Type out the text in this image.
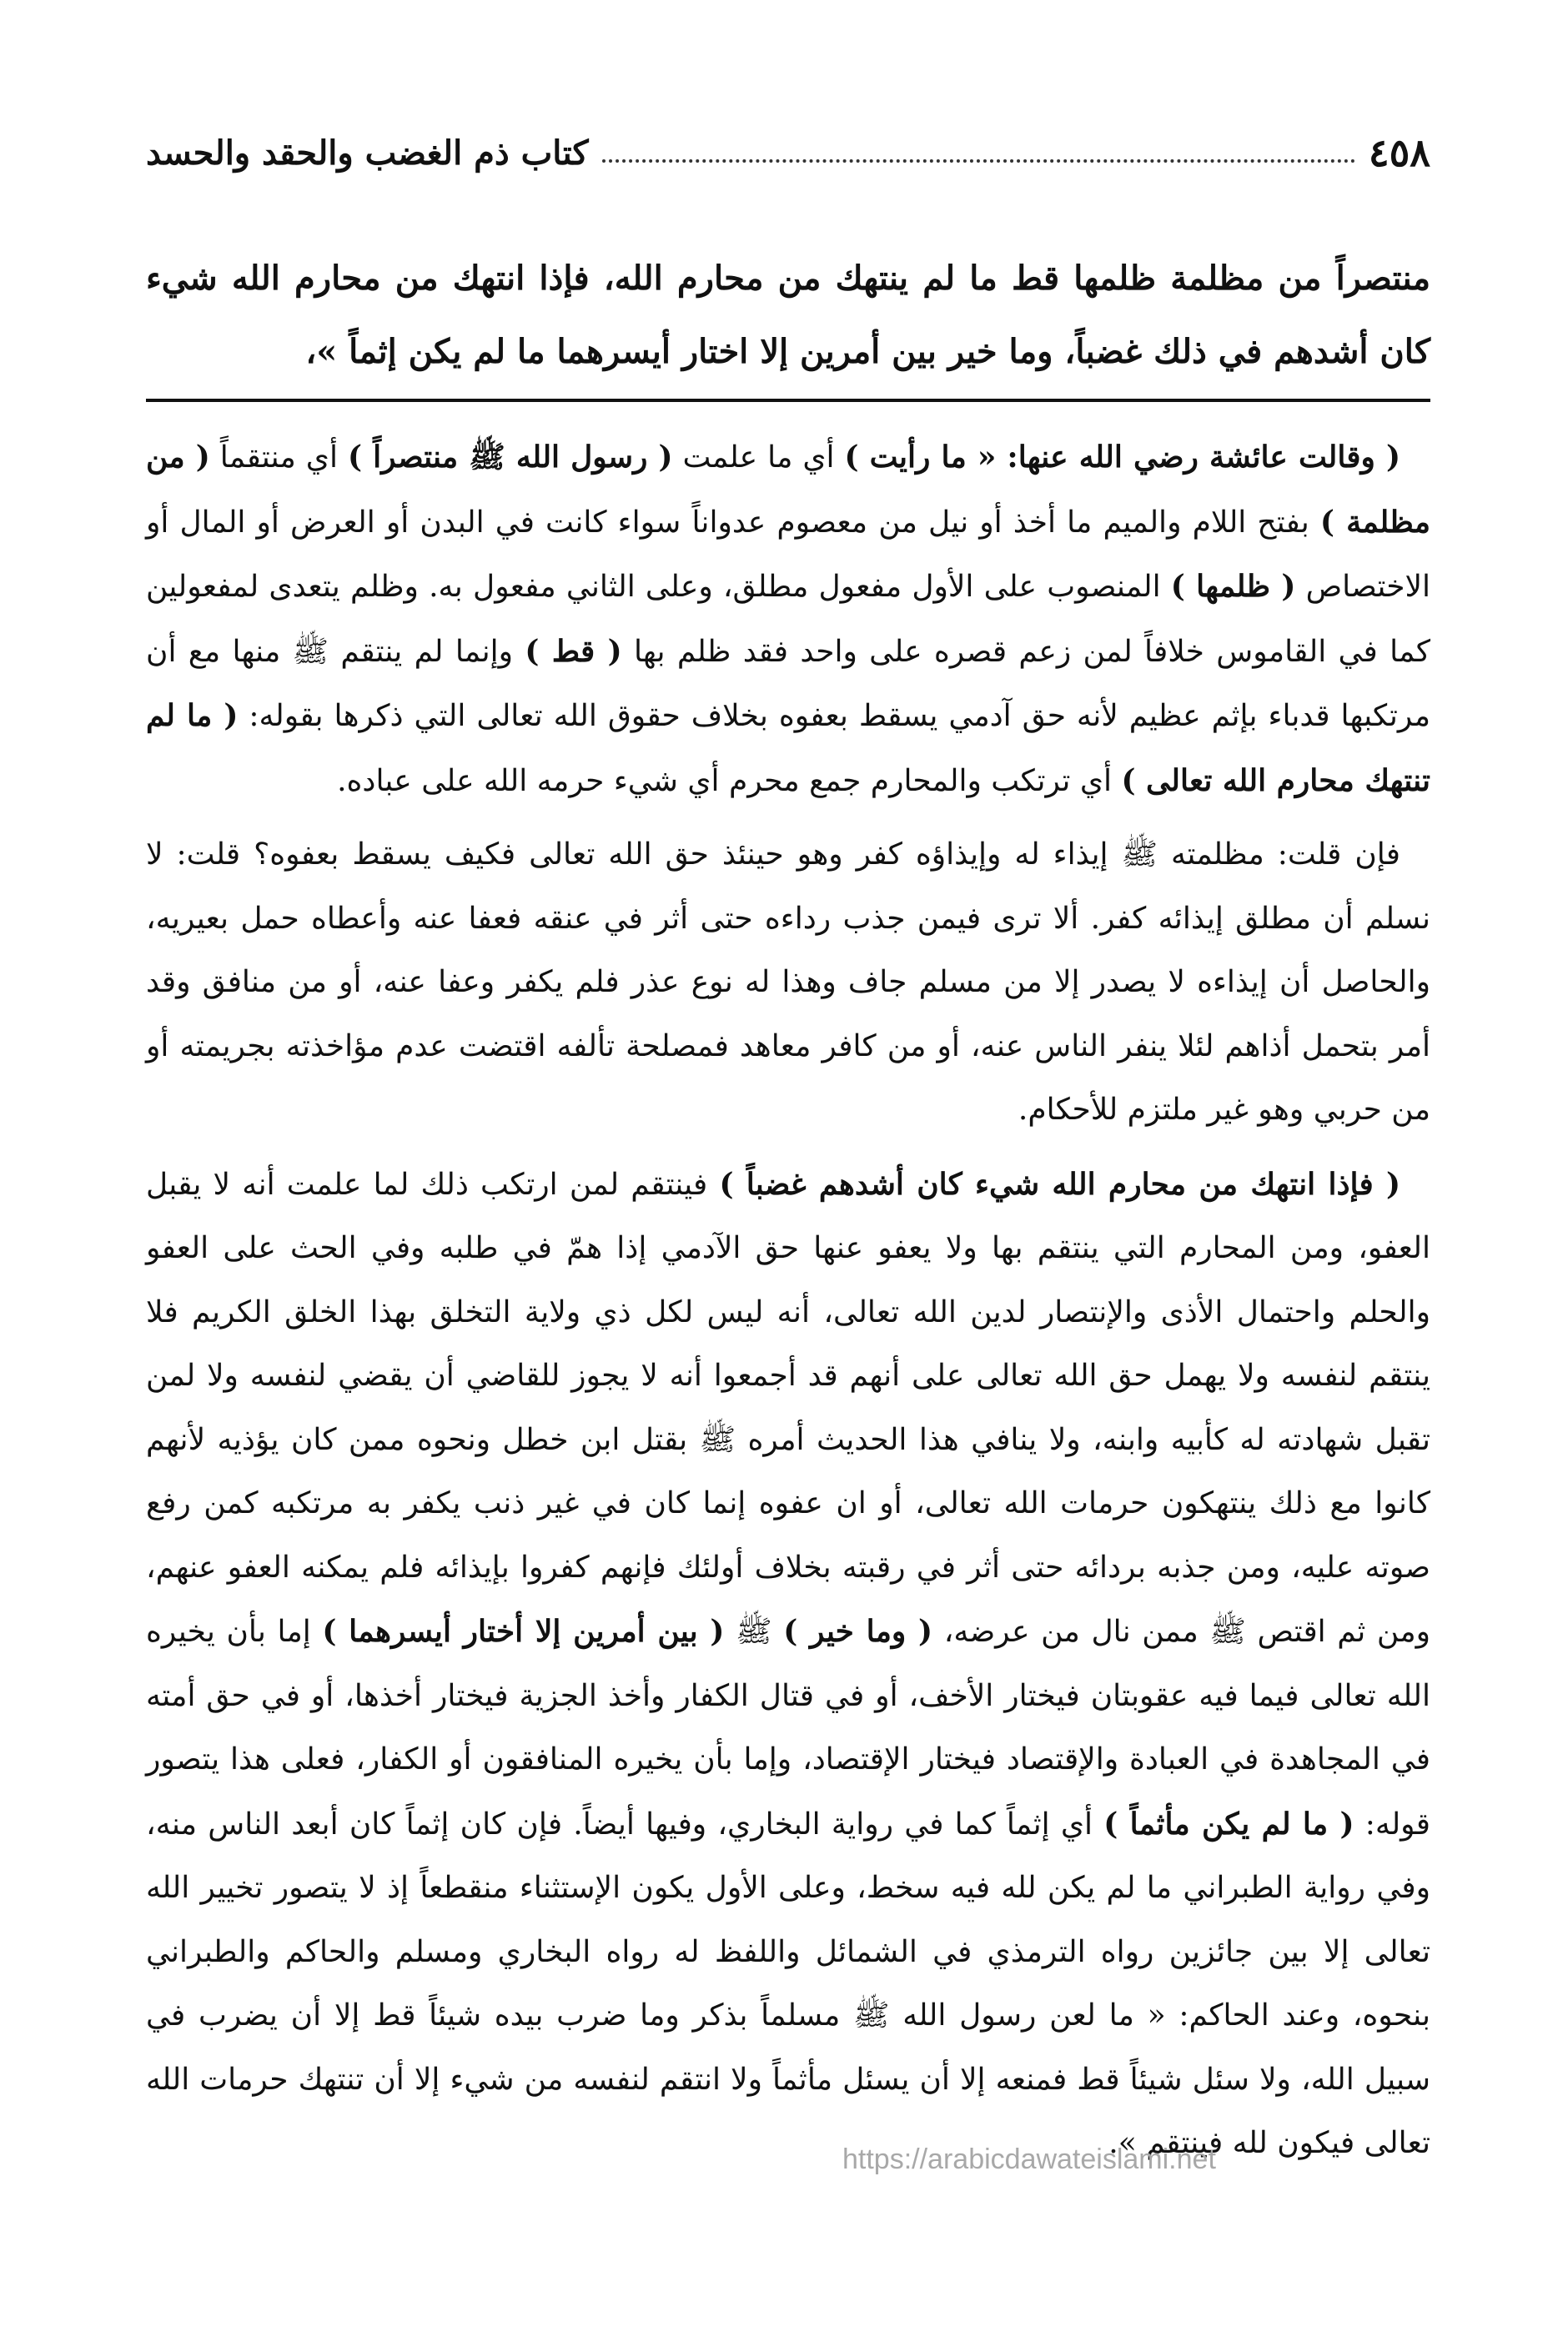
٤٥٨
كتاب ذم الغضب والحقد والحسد
منتصراً من مظلمة ظلمها قط ما لم ينتهك من محارم الله، فإذا انتهك من محارم الله شيء كان أشدهم في ذلك غضباً، وما خير بين أمرين إلا اختار أيسرهما ما لم يكن إثماً »،

( وقالت عائشة رضي الله عنها: « ما رأيت ) أي ما علمت ( رسول الله ﷺ منتصراً ) أي منتقماً ( من مظلمة ) بفتح اللام والميم ما أخذ أو نيل من معصوم عدواناً سواء كانت في البدن أو العرض أو المال أو الاختصاص ( ظلمها ) المنصوب على الأول مفعول مطلق، وعلى الثاني مفعول به. وظلم يتعدى لمفعولين كما في القاموس خلافاً لمن زعم قصره على واحد فقد ظلم بها ( قط ) وإنما لم ينتقم ﷺ منها مع أن مرتكبها قدباء بإثم عظيم لأنه حق آدمي يسقط بعفوه بخلاف حقوق الله تعالى التي ذكرها بقوله: ( ما لم تنتهك محارم الله تعالى ) أي ترتكب والمحارم جمع محرم أي شيء حرمه الله على عباده.

فإن قلت: مظلمته ﷺ إيذاء له وإيذاؤه كفر وهو حينئذ حق الله تعالى فكيف يسقط بعفوه؟ قلت: لا نسلم أن مطلق إيذائه كفر. ألا ترى فيمن جذب رداءه حتى أثر في عنقه فعفا عنه وأعطاه حمل بعيريه، والحاصل أن إيذاءه لا يصدر إلا من مسلم جاف وهذا له نوع عذر فلم يكفر وعفا عنه، أو من منافق وقد أمر بتحمل أذاهم لئلا ينفر الناس عنه، أو من كافر معاهد فمصلحة تألفه اقتضت عدم مؤاخذته بجريمته أو من حربي وهو غير ملتزم للأحكام.

( فإذا انتهك من محارم الله شيء كان أشدهم غضباً ) فينتقم لمن ارتكب ذلك لما علمت أنه لا يقبل العفو، ومن المحارم التي ينتقم بها ولا يعفو عنها حق الآدمي إذا همّ في طلبه وفي الحث على العفو والحلم واحتمال الأذى والإنتصار لدين الله تعالى، أنه ليس لكل ذي ولاية التخلق بهذا الخلق الكريم فلا ينتقم لنفسه ولا يهمل حق الله تعالى على أنهم قد أجمعوا أنه لا يجوز للقاضي أن يقضي لنفسه ولا لمن تقبل شهادته له كأبيه وابنه، ولا ينافي هذا الحديث أمره ﷺ بقتل ابن خطل ونحوه ممن كان يؤذيه لأنهم كانوا مع ذلك ينتهكون حرمات الله تعالى، أو ان عفوه إنما كان في غير ذنب يكفر به مرتكبه كمن رفع صوته عليه، ومن جذبه بردائه حتى أثر في رقبته بخلاف أولئك فإنهم كفروا بإيذائه فلم يمكنه العفو عنهم، ومن ثم اقتص ﷺ ممن نال من عرضه، ( وما خير ) ﷺ ( بين أمرين إلا أختار أيسرهما ) إما بأن يخيره الله تعالى فيما فيه عقوبتان فيختار الأخف، أو في قتال الكفار وأخذ الجزية فيختار أخذها، أو في حق أمته في المجاهدة في العبادة والإقتصاد فيختار الإقتصاد، وإما بأن يخيره المنافقون أو الكفار، فعلى هذا يتصور قوله: ( ما لم يكن مأثماً ) أي إثماً كما في رواية البخاري، وفيها أيضاً. فإن كان إثماً كان أبعد الناس منه، وفي رواية الطبراني ما لم يكن لله فيه سخط، وعلى الأول يكون الإستثناء منقطعاً إذ لا يتصور تخيير الله تعالى إلا بين جائزين رواه الترمذي في الشمائل واللفظ له رواه البخاري ومسلم والحاكم والطبراني بنحوه، وعند الحاكم: « ما لعن رسول الله ﷺ مسلماً بذكر وما ضرب بيده شيئاً قط إلا أن يضرب في سبيل الله، ولا سئل شيئاً قط فمنعه إلا أن يسئل مأثماً ولا انتقم لنفسه من شيء إلا أن تنتهك حرمات الله تعالى فيكون لله فينتقم ».

https://arabicdawateislami.net
